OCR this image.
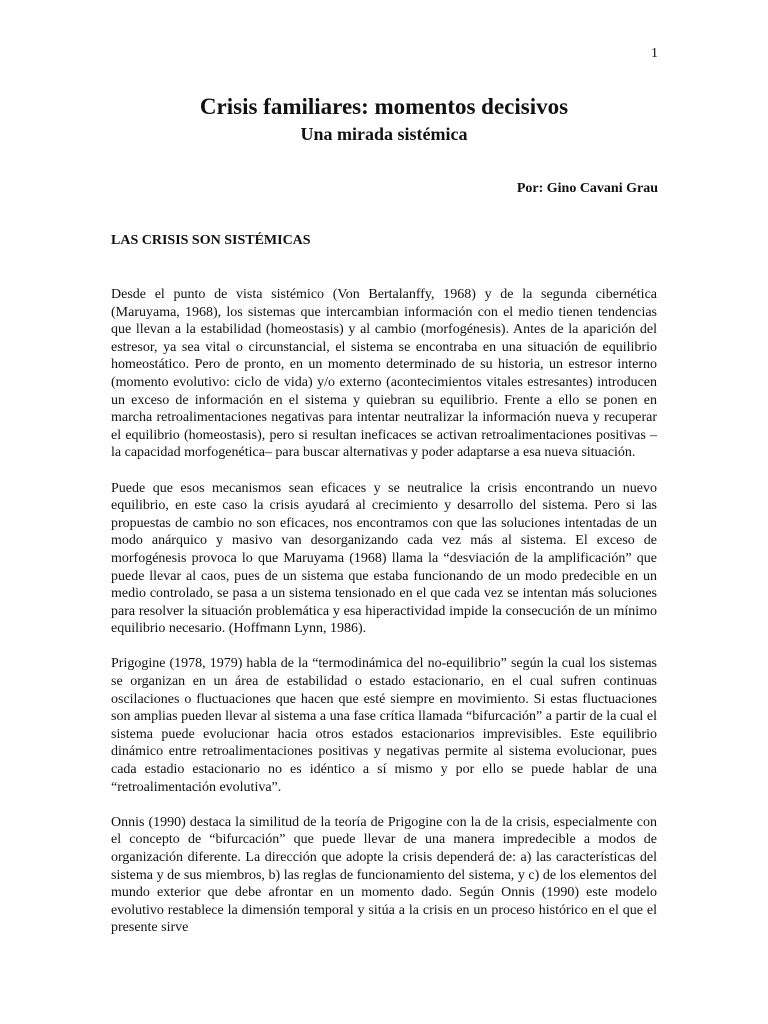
1
Crisis familiares: momentos decisivos
Una mirada sistémica
Por: Gino Cavani Grau
LAS CRISIS SON SISTÉMICAS

Desde el punto de vista sistémico (Von Bertalanffy, 1968) y de la segunda cibernética (Maruyama, 1968), los sistemas que intercambian información con el medio tienen tendencias que llevan a la estabilidad (homeostasis) y al cambio (morfogénesis). Antes de la aparición del estresor, ya sea vital o circunstancial, el sistema se encontraba en una situación de equilibrio homeostático. Pero de pronto, en un momento determinado de su historia, un estresor interno (momento evolutivo: ciclo de vida) y/o externo (acontecimientos vitales estresantes) introducen un exceso de información en el sistema y quiebran su equilibrio. Frente a ello se ponen en marcha retroalimentaciones negativas para intentar neutralizar la información nueva y recuperar el equilibrio (homeostasis), pero si resultan ineficaces se activan retroalimentaciones positivas –la capacidad morfogenética– para buscar alternativas y poder adaptarse a esa nueva situación.

Puede que esos mecanismos sean eficaces y se neutralice la crisis encontrando un nuevo equilibrio, en este caso la crisis ayudará al crecimiento y desarrollo del sistema. Pero si las propuestas de cambio no son eficaces, nos encontramos con que las soluciones intentadas de un modo anárquico y masivo van desorganizando cada vez más al sistema. El exceso de morfogénesis provoca lo que Maruyama (1968) llama la “desviación de la amplificación” que puede llevar al caos, pues de un sistema que estaba funcionando de un modo predecible en un medio controlado, se pasa a un sistema tensionado en el que cada vez se intentan más soluciones para resolver la situación problemática y esa hiperactividad impide la consecución de un mínimo equilibrio necesario. (Hoffmann Lynn, 1986).

Prigogine (1978, 1979) habla de la “termodinámica del no-equilibrio” según la cual los sistemas se organizan en un área de estabilidad o estado estacionario, en el cual sufren continuas oscilaciones o fluctuaciones que hacen que esté siempre en movimiento. Si estas fluctuaciones son amplias pueden llevar al sistema a una fase crítica llamada “bifurcación” a partir de la cual el sistema puede evolucionar hacia otros estados estacionarios imprevisibles. Este equilibrio dinámico entre retroalimentaciones positivas y negativas permite al sistema evolucionar, pues cada estadio estacionario no es idéntico a sí mismo y por ello se puede hablar de una “retroalimentación evolutiva”.

Onnis (1990) destaca la similitud de la teoría de Prigogine con la de la crisis, especialmente con el concepto de “bifurcación” que puede llevar de una manera impredecible a modos de organización diferente. La dirección que adopte la crisis dependerá de: a) las características del sistema y de sus miembros, b) las reglas de funcionamiento del sistema, y c) de los elementos del mundo exterior que debe afrontar en un momento dado. Según Onnis (1990) este modelo evolutivo restablece la dimensión temporal y sitúa a la crisis en un proceso histórico en el que el presente sirve
